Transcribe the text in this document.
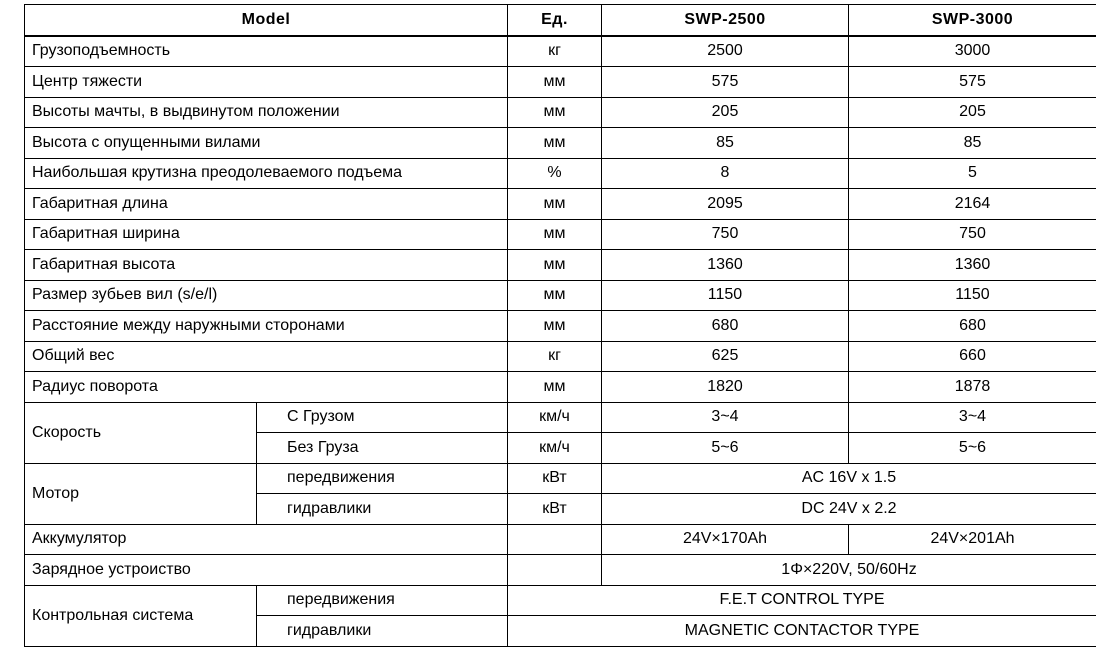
Model		Ед.	SWP-2500	SWP-3000
Грузоподъемность		кг	2500	3000
Центр тяжести		мм	575	575
Высоты мачты, в выдвинутом положении		мм	205	205
Высота с опущенными вилами		мм	85	85
Наибольшая крутизна преодолеваемого подъема		%	8	5
Габаритная длина		мм	2095	2164
Габаритная ширина		мм	750	750
Габаритная высота		мм	1360	1360
Размер зубьев вил (s/e/l)		мм	1150	1150
Расстояние между наружными сторонами		мм	680	680
Общий вес		кг	625	660
Радиус поворота		мм	1820	1878
Скорость	С Грузом	км/ч	3~4	3~4
	Без Груза	км/ч	5~6	5~6
Мотор	передвижения	кВт	AC 16V x 1.5	
	гидравлики	кВт	DC 24V x 2.2	
Аккумулятор			24V×170Ah	24V×201Ah
Зарядное устроиство			1Φ×220V, 50/60Hz	
Контрольная система	передвижения	F.E.T CONTROL TYPE		
	гидравлики	MAGNETIC CONTACTOR TYPE		
